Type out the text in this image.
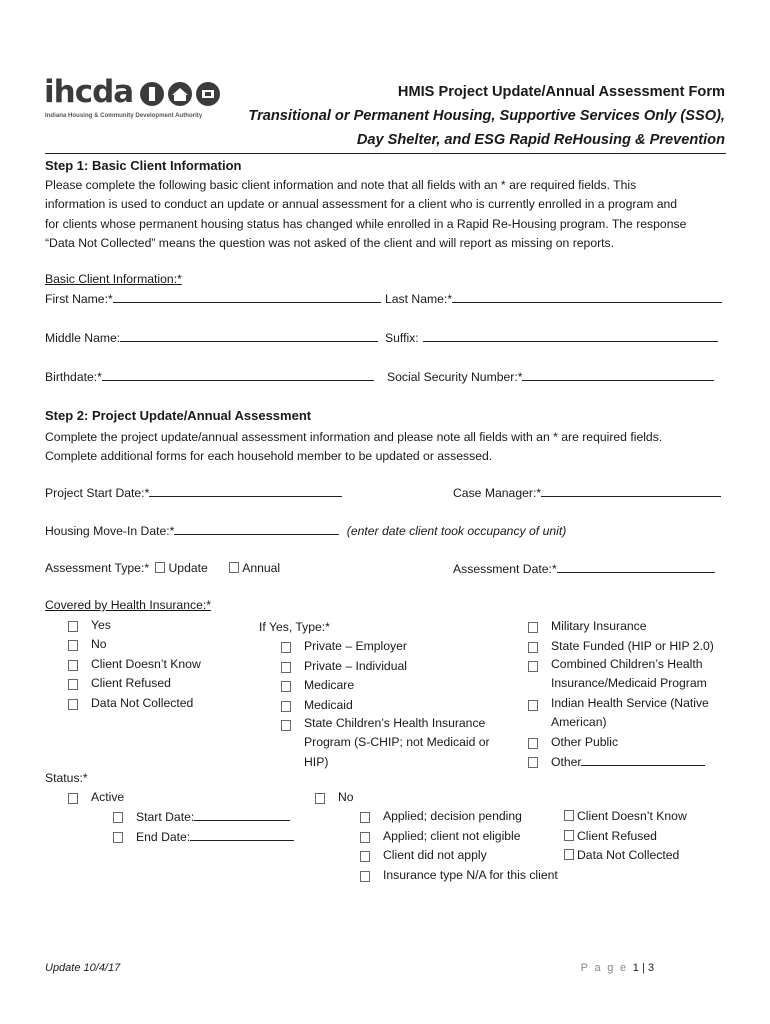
ihcda
Indiana Housing & Community Development Authority
HMIS Project Update/Annual Assessment Form
Transitional or Permanent Housing, Supportive Services Only (SSO),
Day Shelter, and ESG Rapid ReHousing & Prevention
Step 1: Basic Client Information
Please complete the following basic client information and note that all fields with an * are required fields. This
information is used to conduct an update or annual assessment for a client who is currently enrolled in a program and
for clients whose permanent housing status has changed while enrolled in a Rapid Re-Housing program. The response
“Data Not Collected” means the question was not asked of the client and will report as missing on reports.
Basic Client Information:*
First Name:*	Last Name:*
Middle Name:	Suffix:
Birthdate:*	Social Security Number:*
Step 2: Project Update/Annual Assessment
Complete the project update/annual assessment information and please note all fields with an * are required fields.
Complete additional forms for each household member to be updated or assessed.
Project Start Date:*	Case Manager:*
Housing Move-In Date:*	(enter date client took occupancy of unit)
Assessment Type:* Update	Annual	Assessment Date:*
Covered by Health Insurance:*
Yes
No
Client Doesn’t Know
Client Refused
Data Not Collected
If Yes, Type:*
Private – Employer
Private – Individual
Medicare
Medicaid
State Children’s Health Insurance
Program (S-CHIP; not Medicaid or
HIP)
Military Insurance
State Funded (HIP or HIP 2.0)
Combined Children’s Health
Insurance/Medicaid Program
Indian Health Service (Native
American)
Other Public
Other
Status:*
Active
Start Date:
End Date:
No
Applied; decision pending
Applied; client not eligible
Client did not apply
Insurance type N/A for this client
Client Doesn’t Know
Client Refused
Data Not Collected
Update 10/4/17	P a g e 1 | 3
